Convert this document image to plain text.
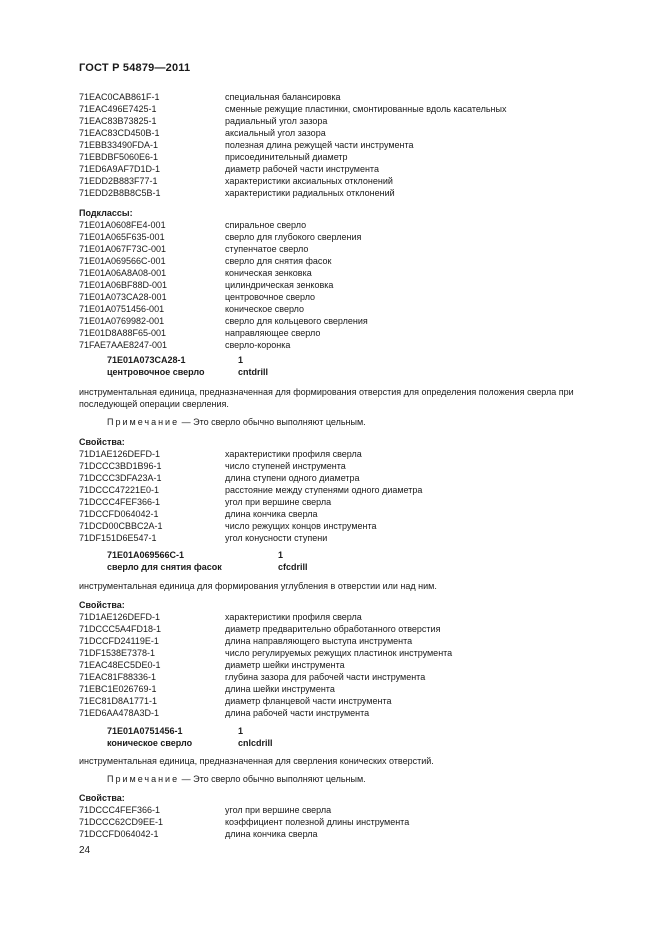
ГОСТ Р 54879—2011
71EAC0CAB861F-1	специальная балансировка
71EAC496E7425-1	сменные режущие пластинки, смонтированные вдоль касательных
71EAC83B73825-1	радиальный угол зазора
71EAC83CD450B-1	аксиальный угол зазора
71EBB33490FDA-1	полезная длина режущей части инструмента
71EBDBF5060E6-1	присоединительный диаметр
71ED6A9AF7D1D-1	диаметр рабочей части инструмента
71EDD2B883F77-1	характеристики аксиальных отклонений
71EDD2B8B8C5B-1	характеристики радиальных отклонений
Подклассы:
71E01A0608FE4-001	спиральное сверло
71E01A065F635-001	сверло для глубокого сверления
71E01A067F73C-001	ступенчатое сверло
71E01A069566C-001	сверло для снятия фасок
71E01A06A8A08-001	коническая зенковка
71E01A06BF88D-001	цилиндрическая зенковка
71E01A073CA28-001	центровочное сверло
71E01A0751456-001	коническое сверло
71E01A0769982-001	сверло для кольцевого сверления
71E01D8A88F65-001	направляющее сверло
71FAE7AAE8247-001	сверло-коронка
71E01A073CA28-1	1
центровочное сверло	cntdrill
инструментальная единица, предназначенная для формирования отверстия для определения положения сверла при последующей операции сверления.
Примечание — Это сверло обычно выполняют цельным.
Свойства:
71D1AE126DEFD-1	характеристики профиля сверла
71DCCC3BD1B96-1	число ступеней инструмента
71DCCC3DFA23A-1	длина ступени одного диаметра
71DCCC47221E0-1	расстояние между ступенями одного диаметра
71DCCC4FEF366-1	угол при вершине сверла
71DCCFD064042-1	длина кончика сверла
71DCD00CBBC2A-1	число режущих концов инструмента
71DF151D6E547-1	угол конусности ступени
71E01A069566C-1	1
сверло для снятия фасок	cfcdrill
инструментальная единица для формирования углубления в отверстии или над ним.
Свойства:
71D1AE126DEFD-1	характеристики профиля сверла
71DCCC5A4FD18-1	диаметр предварительно обработанного отверстия
71DCCFD24119E-1	длина направляющего выступа инструмента
71DF1538E7378-1	число регулируемых режущих пластинок инструмента
71EAC48EC5DE0-1	диаметр шейки инструмента
71EAC81F88336-1	глубина зазора для рабочей части инструмента
71EBC1E026769-1	длина шейки инструмента
71EC81D8A1771-1	диаметр фланцевой части инструмента
71ED6AA478A3D-1	длина рабочей части инструмента
71E01A0751456-1	1
коническое сверло	cnlcdrill
инструментальная единица, предназначенная для сверления конических отверстий.
Примечание — Это сверло обычно выполняют цельным.
Свойства:
71DCCC4FEF366-1	угол при вершине сверла
71DCCC62CD9EE-1	коэффициент полезной длины инструмента
71DCCFD064042-1	длина кончика сверла
24
